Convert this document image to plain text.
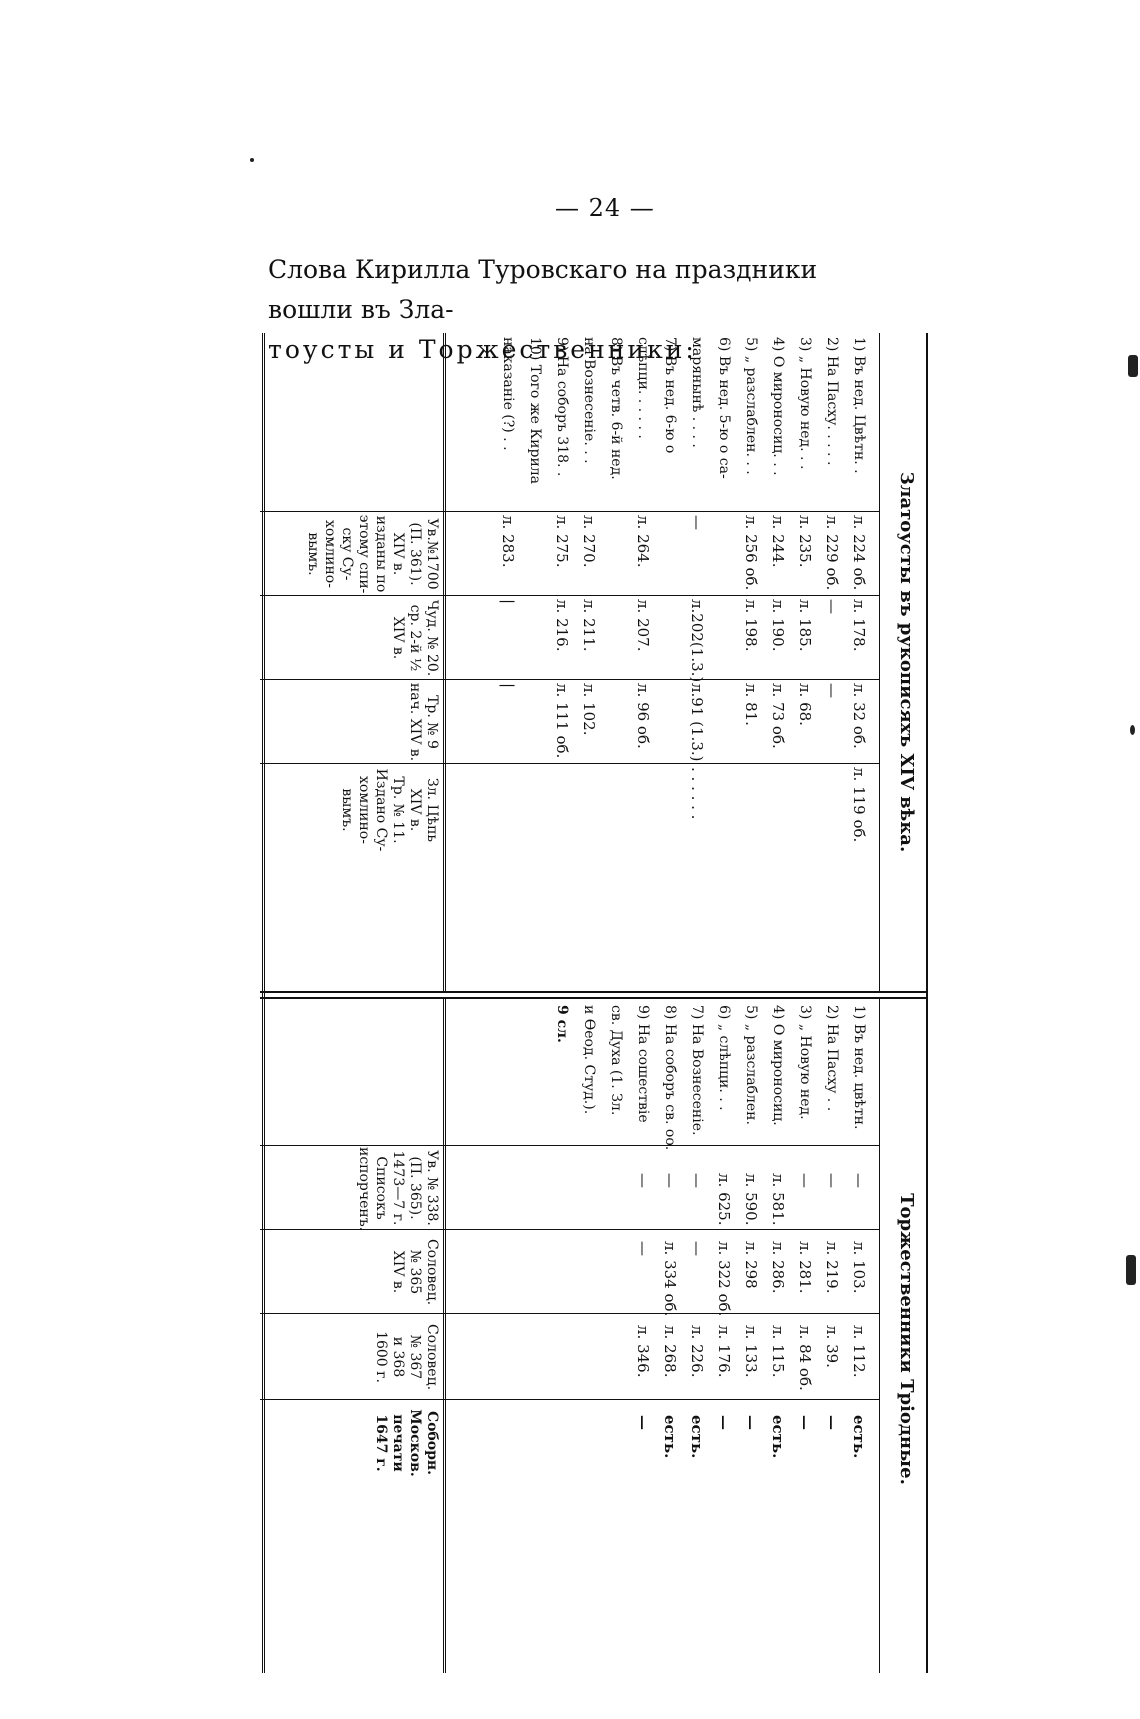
— 24 —
Слова Кирилла Туровскаго на праздники вошли въ Зла-
тоусты и Торжественники:
Златоусты въ рукописяхъ XIV вѣка.
1) Въ нед. Цвѣтн. .
2) На Пасху. . . . .
3) „ Новую нед. . .
4) О мироносиц. . .
5) „ разслаблен. . .
6) Въ нед. 5-ю о са-
марянынѣ . . . .
7) Въ нед. 6-ю о
слѣпци. . . . . .
8) Въ четв. 6-й нед.
на Вознесеніе. . .
9) На соборъ 318. .
10) Того же Кирила
наказаніе (?) . .
л. 224 об.
л. 229 об.
л. 235.
л. 244.
л. 256 об.
—
л. 264.
л. 270.
л. 275.
л. 283.
л. 178.
—
л. 185.
л. 190.
л. 198.
л.202(1.3.)
л. 207.
л. 211.
л. 216.
|
л. 32 об.
—
л. 68.
л. 73 об.
л. 81.
л.91 (1.3.)
л. 96 об.
л. 102.
л. 111 об.
|
л. 119 об.
. . . . . .
Ув.№1700
(П. 361).
XIV в.
изданы по
этому спи-
ску Су-
хомлино-
вымъ.
Чуд. № 20.
ср. 2-й ½
XIV в.
Тр. № 9
нач. XIV в.
Зл. Цѣпь
XIV в.
Тр. № 11.
Издано Су-
хомлино-
вымъ.
Торжественники Тріодные.
1) Въ нед. цвѣтн.
2) На Пасху . .
3) „ Новую нед.
4) О мироносиц.
5) „ разслаблен.
6) „ слѣпци. . .
7) На Вознесеніе.
8) На соборъ св. оо.
9) На сошествіе
св. Духа (1. Зл.
и Ѳеод. Студ.).
9 сл.
—
—
—
л. 581.
л. 590.
л. 625.
—
—
—
л. 103.
л. 219.
л. 281.
л. 286.
л. 298
л. 322 об.
—
л. 334 об.
—
л. 112.
л. 39.
л. 84 об.
л. 115.
л. 133.
л. 176.
л. 226.
л. 268.
л. 346.
есть.
—
—
есть.
—
—
есть.
есть.
—
Ув. № 338.
(П. 365).
1473—7 г.
Списокъ
испорченъ.
Соловец.
№ 365
XIV в.
Соловец.
№ 367
и 368
1600 г.
Соборн.
Москов.
печати
1647 г.
